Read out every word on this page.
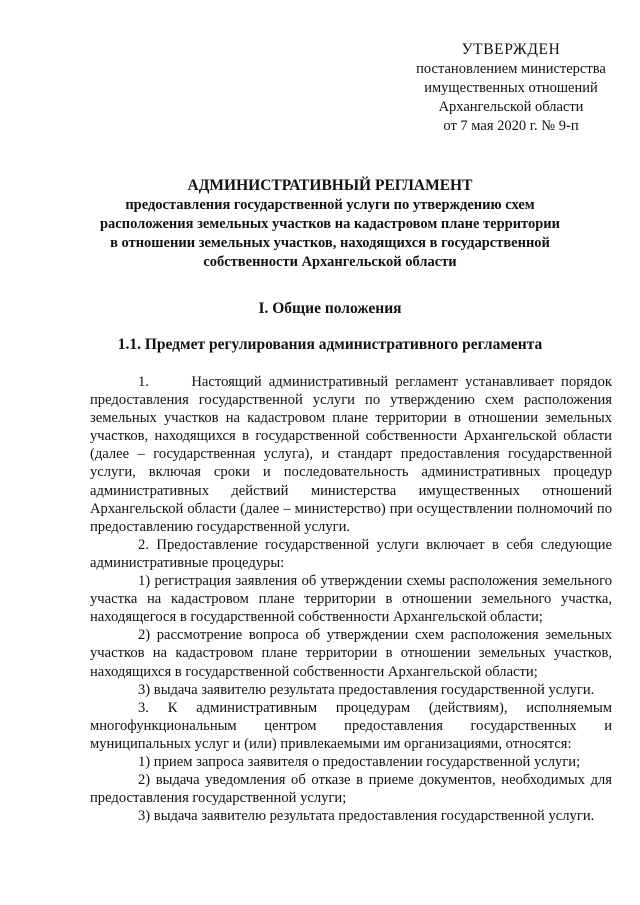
УТВЕРЖДЕН
постановлением министерства
имущественных отношений
Архангельской области
от 7 мая 2020 г. № 9-п
АДМИНИСТРАТИВНЫЙ РЕГЛАМЕНТ
предоставления государственной услуги по утверждению схем
расположения земельных участков на кадастровом плане территории
в отношении земельных участков, находящихся в государственной
собственности Архангельской области
I. Общие положения
1.1. Предмет регулирования административного регламента

1.      Настоящий административный регламент устанавливает порядок предоставления государственной услуги по утверждению схем расположения земельных участков на кадастровом плане территории в отношении земельных участков, находящихся в государственной собственности Архангельской области (далее – государственная услуга), и стандарт предоставления государственной услуги, включая сроки и последовательность административных процедур административных действий министерства имущественных отношений Архангельской области (далее – министерство) при осуществлении полномочий по предоставлению государственной услуги.

2. Предоставление государственной услуги включает в себя следующие административные процедуры:

1) регистрация заявления об утверждении схемы расположения земельного участка на кадастровом плане территории в отношении земельного участка, находящегося в государственной собственности Архангельской области;

2) рассмотрение вопроса об утверждении схем расположения земельных участков на кадастровом плане территории в отношении земельных участков, находящихся в государственной собственности Архангельской области;

3) выдача заявителю результата предоставления государственной услуги.

3. К административным процедурам (действиям), исполняемым многофункциональным центром предоставления государственных и муниципальных услуг и (или) привлекаемыми им организациями, относятся:

1) прием запроса заявителя о предоставлении государственной услуги;

2) выдача уведомления об отказе в приеме документов, необходимых для предоставления государственной услуги;

3) выдача заявителю результата предоставления государственной услуги.
